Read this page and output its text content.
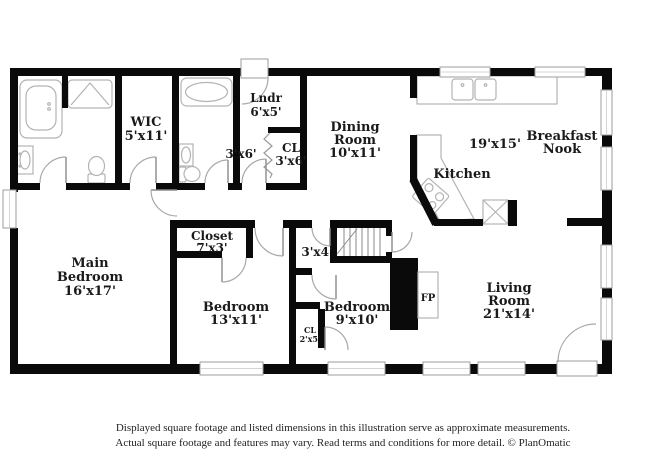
Main
Bedroom
16'x17'
WIC
5'x11'
Lndr
6'x5'
3'x6' CL
3'x6'
Dining
Room
10'x11'
19'x15'
Kitchen
Breakfast
Nook
Closet
7'x3'	3'x4'
Bedroom
13'x11'
Bedroom
9'x10'
CL
2'x5'
FP
Living
Room
21'x14'
Displayed square footage and listed dimensions in this illustration serve as approximate measurements.
Actual square footage and features may vary. Read terms and conditions for more detail. © PlanOmatic
